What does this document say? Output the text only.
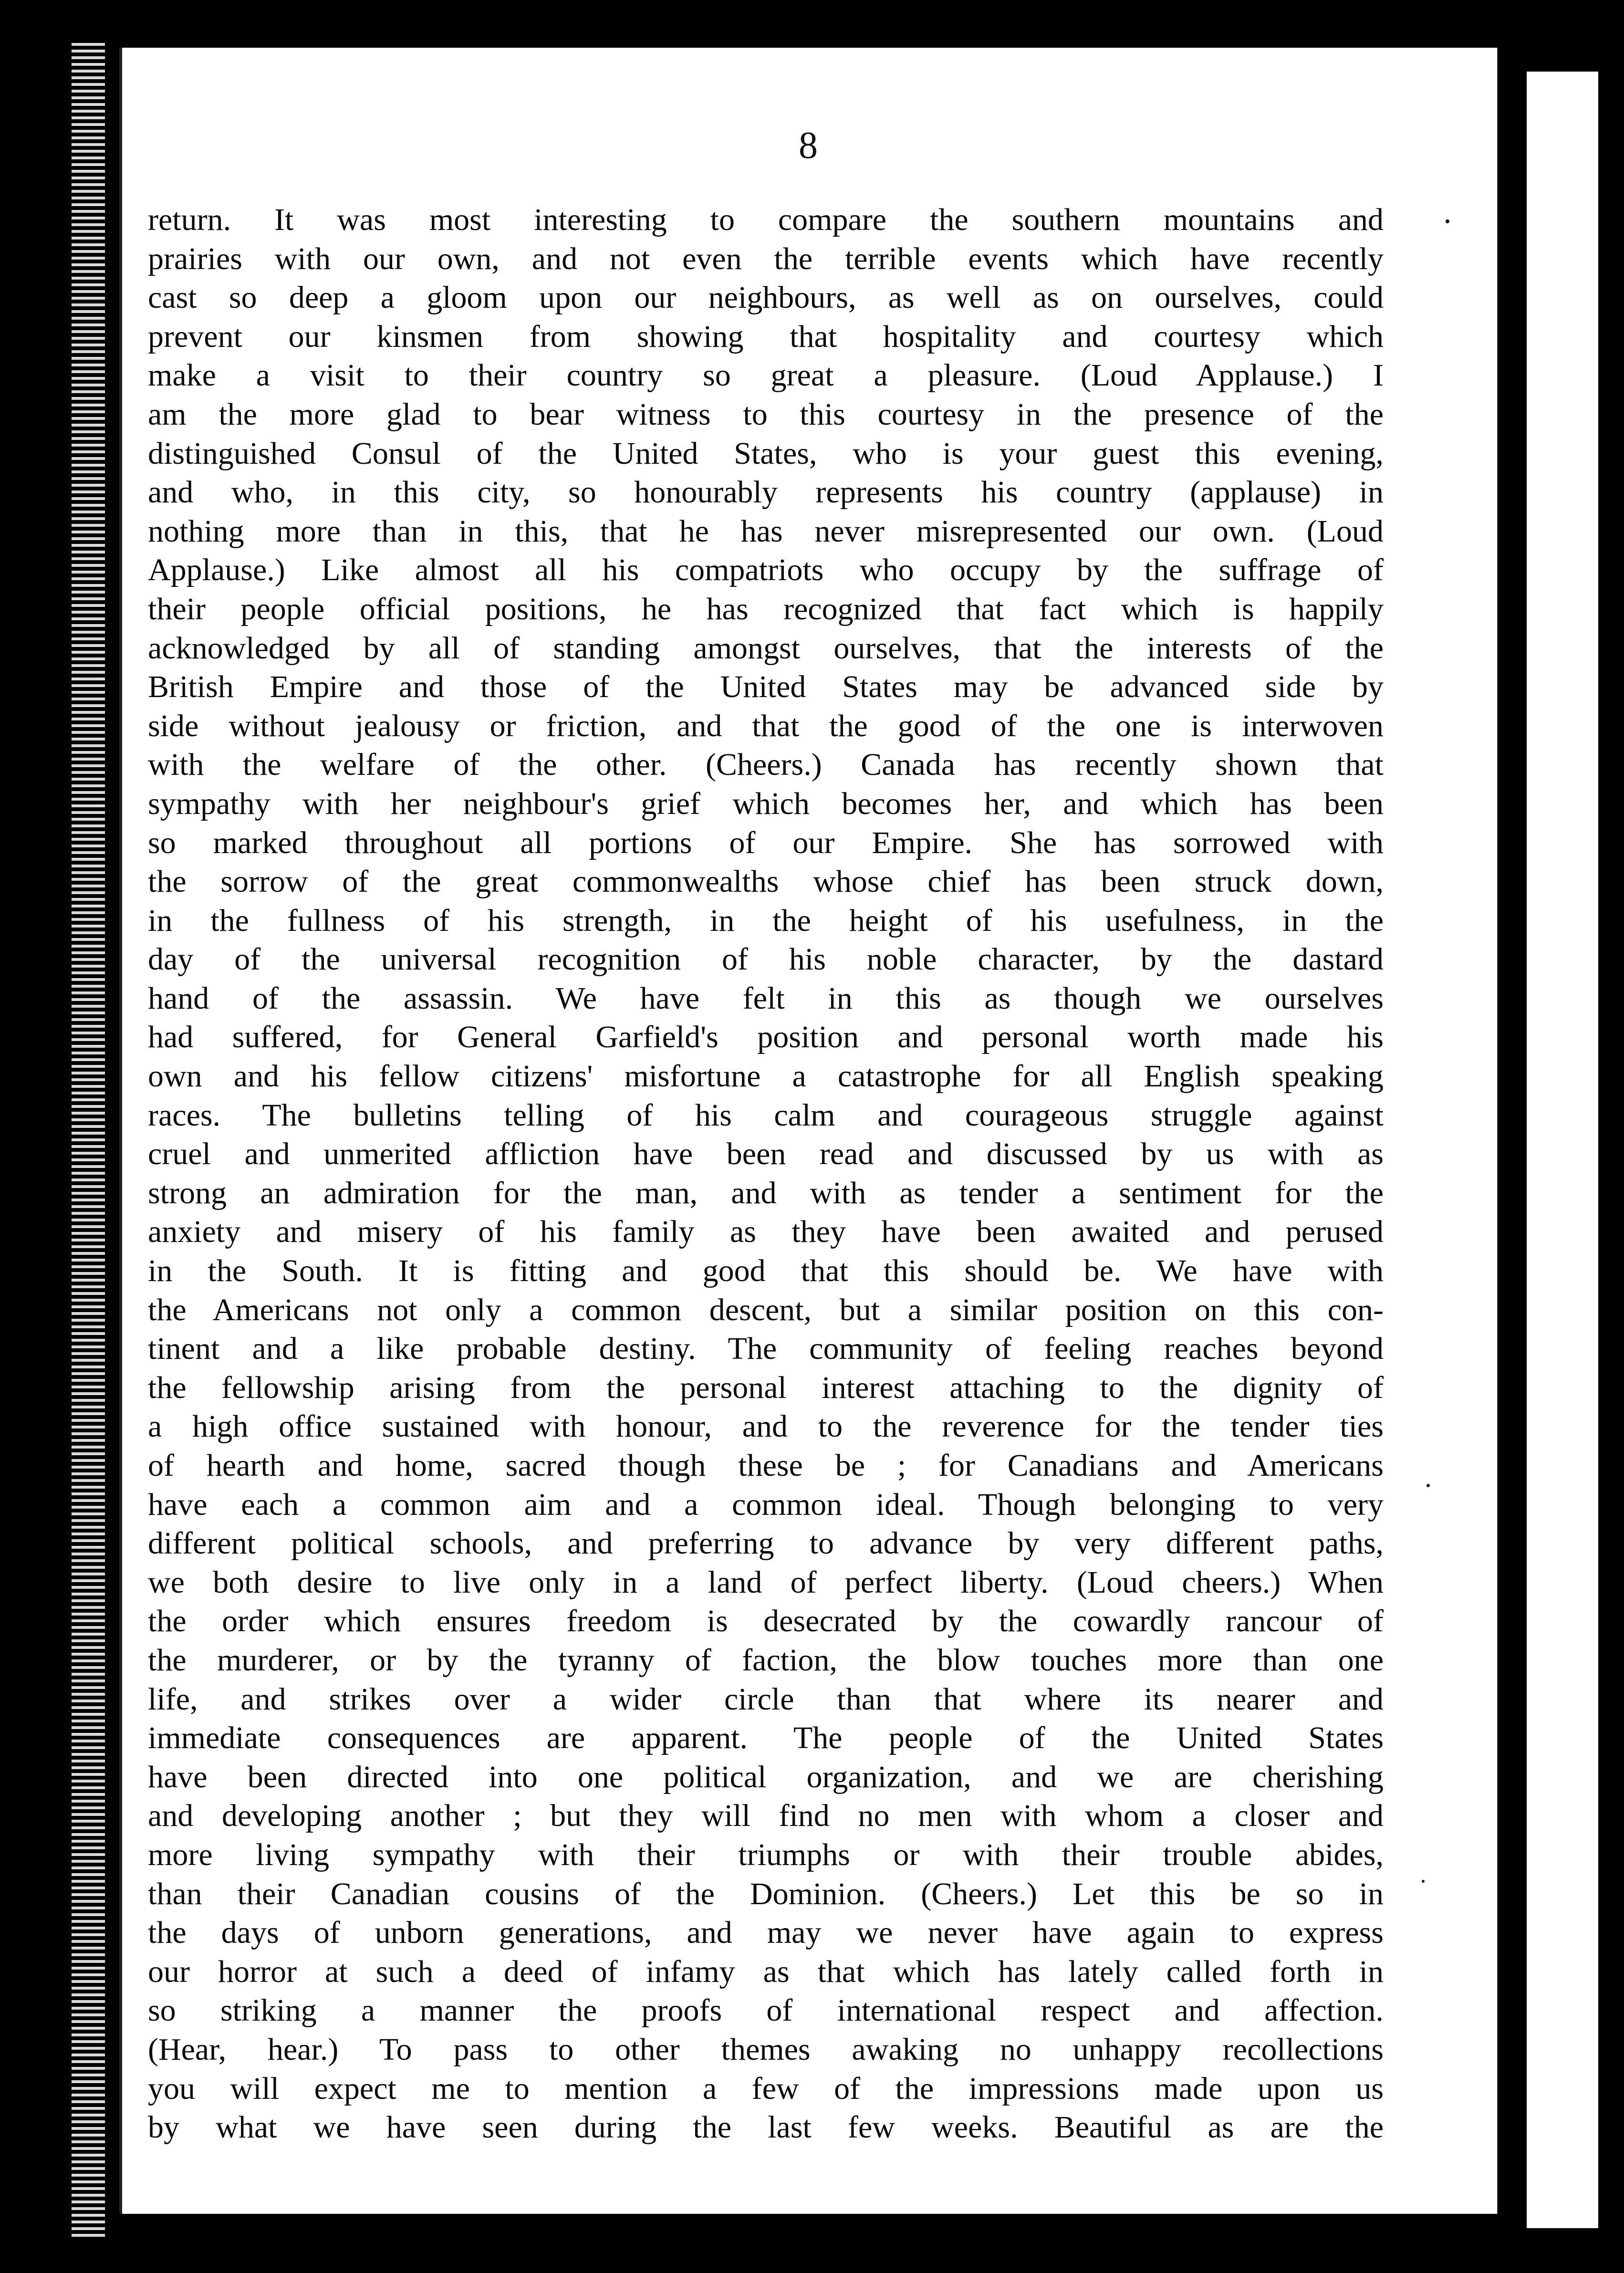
8
return. It was most interesting to compare the southern mountains and
prairies with our own, and not even the terrible events which have recently
cast so deep a gloom upon our neighbours, as well as on ourselves, could
prevent our kinsmen from showing that hospitality and courtesy which
make a visit to their country so great a pleasure. (Loud Applause.) I
am the more glad to bear witness to this courtesy in the presence of the
distinguished Consul of the United States, who is your guest this evening,
and who, in this city, so honourably represents his country (applause) in
nothing more than in this, that he has never misrepresented our own. (Loud
Applause.) Like almost all his compatriots who occupy by the suffrage of
their people official positions, he has recognized that fact which is happily
acknowledged by all of standing amongst ourselves, that the interests of the
British Empire and those of the United States may be advanced side by
side without jealousy or friction, and that the good of the one is interwoven
with the welfare of the other. (Cheers.) Canada has recently shown that
sympathy with her neighbour's grief which becomes her, and which has been
so marked throughout all portions of our Empire. She has sorrowed with
the sorrow of the great commonwealths whose chief has been struck down,
in the fullness of his strength, in the height of his usefulness, in the
day of the universal recognition of his noble character, by the dastard
hand of the assassin. We have felt in this as though we ourselves
had suffered, for General Garfield's position and personal worth made his
own and his fellow citizens' misfortune a catastrophe for all English speaking
races. The bulletins telling of his calm and courageous struggle against
cruel and unmerited affliction have been read and discussed by us with as
strong an admiration for the man, and with as tender a sentiment for the
anxiety and misery of his family as they have been awaited and perused
in the South. It is fitting and good that this should be. We have with
the Americans not only a common descent, but a similar position on this con-
tinent and a like probable destiny. The community of feeling reaches beyond
the fellowship arising from the personal interest attaching to the dignity of
a high office sustained with honour, and to the reverence for the tender ties
of hearth and home, sacred though these be ; for Canadians and Americans
have each a common aim and a common ideal. Though belonging to very
different political schools, and preferring to advance by very different paths,
we both desire to live only in a land of perfect liberty. (Loud cheers.) When
the order which ensures freedom is desecrated by the cowardly rancour of
the murderer, or by the tyranny of faction, the blow touches more than one
life, and strikes over a wider circle than that where its nearer and
immediate consequences are apparent. The people of the United States
have been directed into one political organization, and we are cherishing
and developing another ; but they will find no men with whom a closer and
more living sympathy with their triumphs or with their trouble abides,
than their Canadian cousins of the Dominion. (Cheers.) Let this be so in
the days of unborn generations, and may we never have again to express
our horror at such a deed of infamy as that which has lately called forth in
so striking a manner the proofs of international respect and affection.
(Hear, hear.) To pass to other themes awaking no unhappy recollections
you will expect me to mention a few of the impressions made upon us
by what we have seen during the last few weeks. Beautiful as are the
